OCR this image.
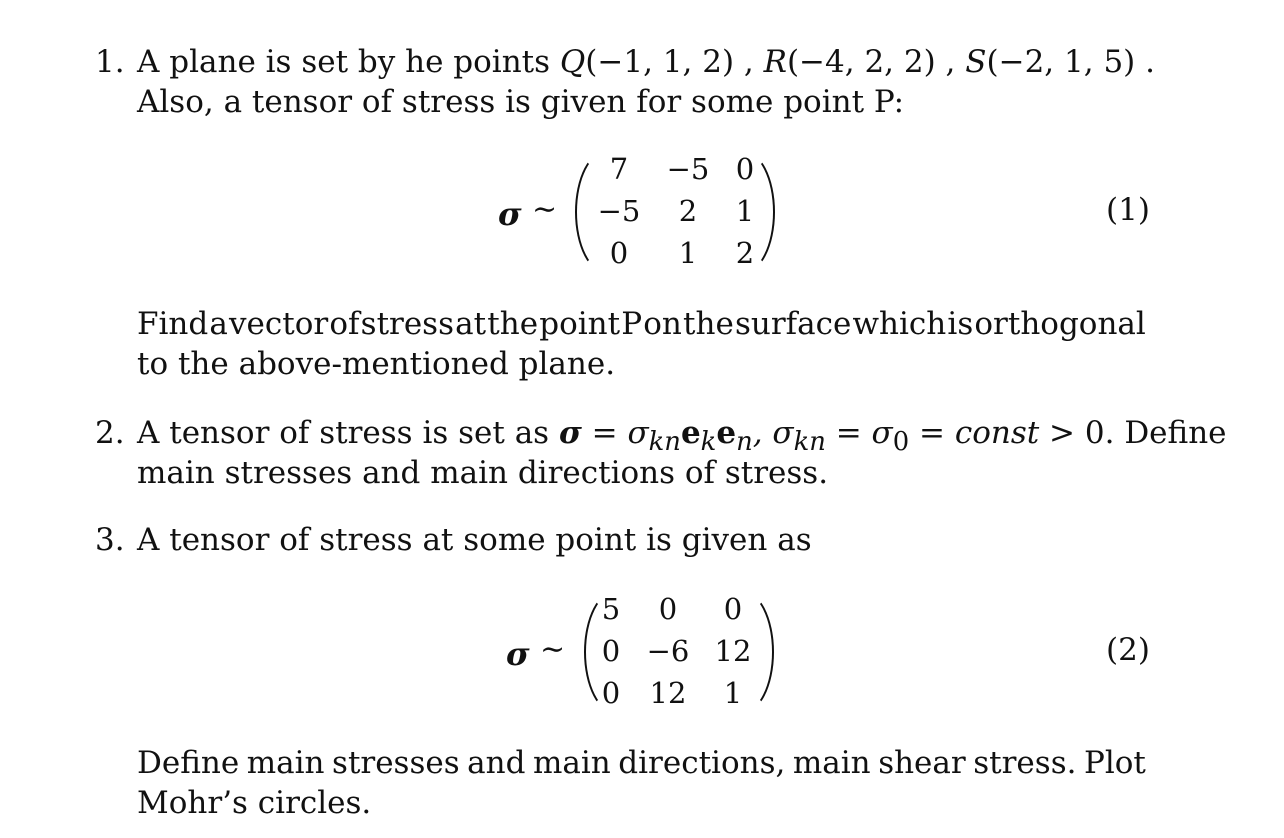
1. A plane is set by he points Q(−1, 1, 2) , R(−4, 2, 2) , S(−2, 1, 5) .
Also, a tensor of stress is given for some point P:
σ ∼
7	−5 0
−5	2	1
0	1	2
(1)
Find a vector of stress at the point P on the surface which is orthogonal
to the above-mentioned plane.
2. A tensor of stress is set as $\sigma = \sigma_{kn}e_ke_n$, $\sigma_{kn} = \sigma_0$ = const > 0. Define
main stresses and main directions of stress.
3. A tensor of stress at some point is given as
σ ∼
5	0	0
0 −6 12
0	12	1
(2)
Define main stresses and main directions, main shear stress. Plot
Mohr’s circles.
